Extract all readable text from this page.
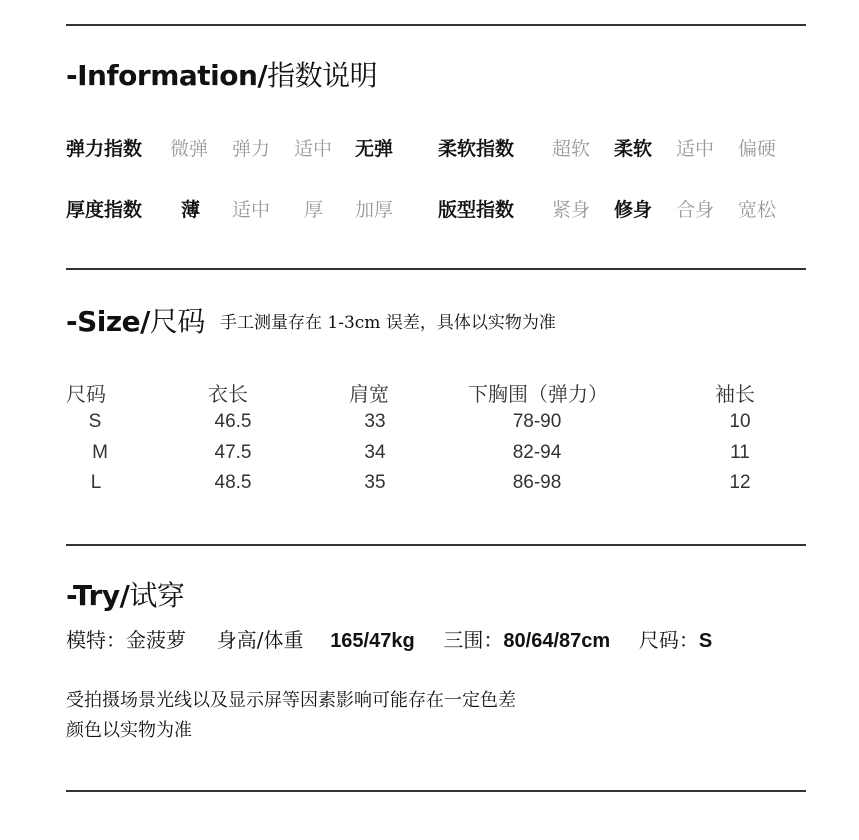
-Information/指数说明
弹力指数 微弹 弹力 适中 无弹 柔软指数 超软 柔软 适中 偏硬
厚度指数 薄 适中 厚 加厚 版型指数 紧身 修身 合身 宽松
-Size/尺码 手工测量存在 1-3cm 误差，具体以实物为准
尺码	衣长	肩宽	下胸围（弹力）	袖长
S	46.5	33	78-90	10
M	47.5	34	82-94	11
L	48.5	35	86-98	12
-Try/试穿
模特：金菠萝 身高/体重 165/47kg 三围：80/64/87cm 尺码：S
受拍摄场景光线以及显示屏等因素影响可能存在一定色差
颜色以实物为准
